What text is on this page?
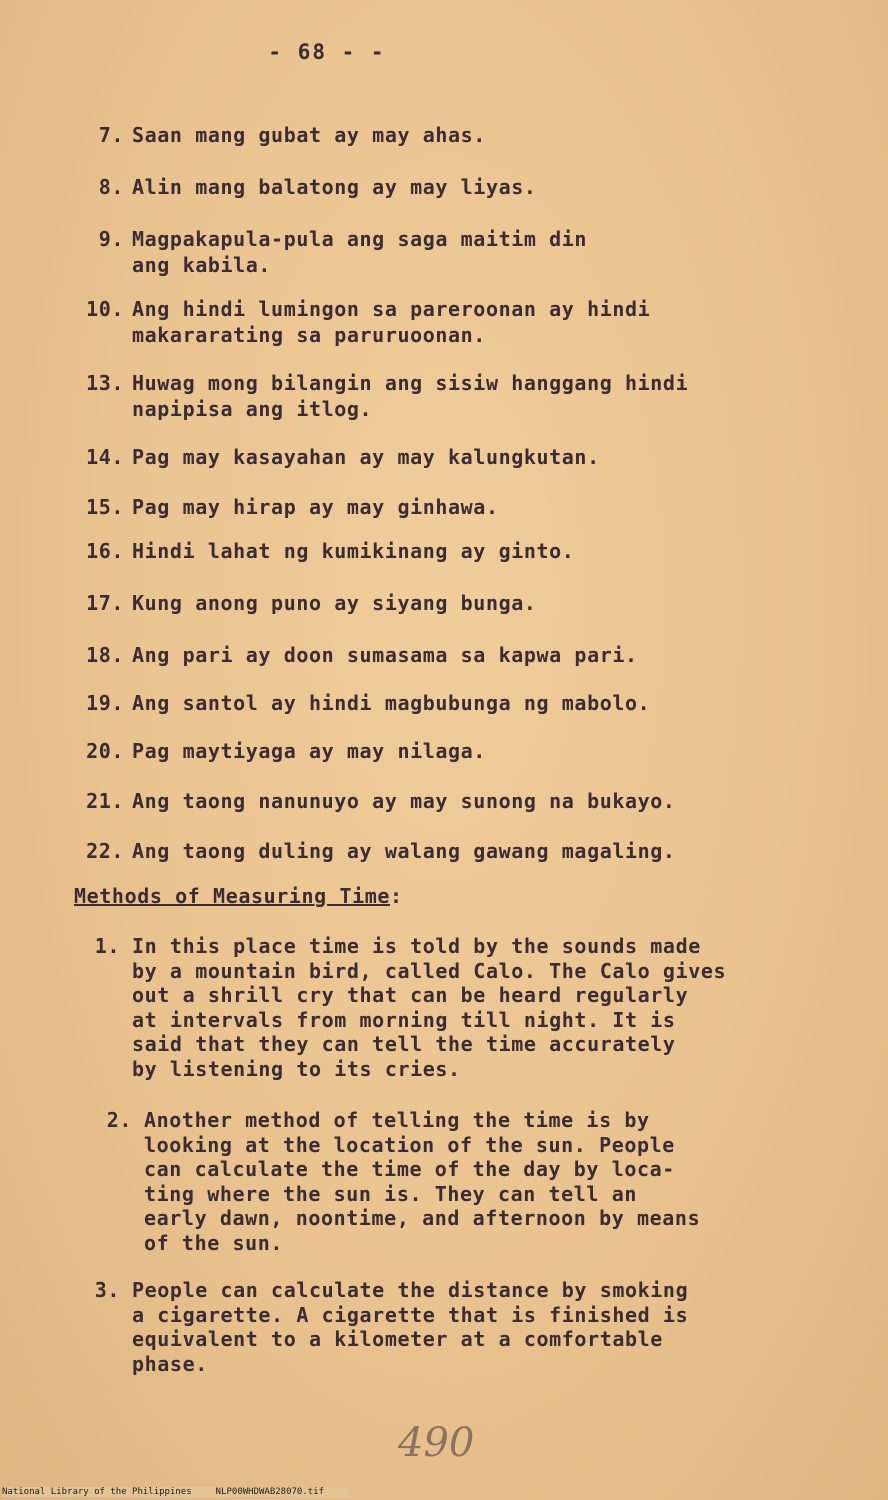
- 68 - -
7. Saan mang gubat ay may ahas.
8. Alin mang balatong ay may liyas.
9. Magpakapula-pula ang saga maitim din
ang kabila.
10. Ang hindi lumingon sa pareroonan ay hindi
makararating sa paruruoonan.
13. Huwag mong bilangin ang sisiw hanggang hindi
napipisa ang itlog.
14. Pag may kasayahan ay may kalungkutan.
15. Pag may hirap ay may ginhawa.
16. Hindi lahat ng kumikinang ay ginto.
17. Kung anong puno ay siyang bunga.
18. Ang pari ay doon sumasama sa kapwa pari.
19. Ang santol ay hindi magbubunga ng mabolo.
20. Pag maytiyaga ay may nilaga.
21. Ang taong nanunuyo ay may sunong na bukayo.
22. Ang taong duling ay walang gawang magaling.
Methods of Measuring Time:
1. In this place time is told by the sounds made
by a mountain bird, called Calo. The Calo gives
out a shrill cry that can be heard regularly
at intervals from morning till night. It is
said that they can tell the time accurately
by listening to its cries.
2. Another method of telling the time is by
looking at the location of the sun. People
can calculate the time of the day by loca-
ting where the sun is. They can tell an
early dawn, noontime, and afternoon by means
of the sun.
3. People can calculate the distance by smoking
a cigarette. A cigarette that is finished is
equivalent to a kilometer at a comfortable
phase.
490
National Library of the Philippines	NLP00WHDWAB28070.tif
